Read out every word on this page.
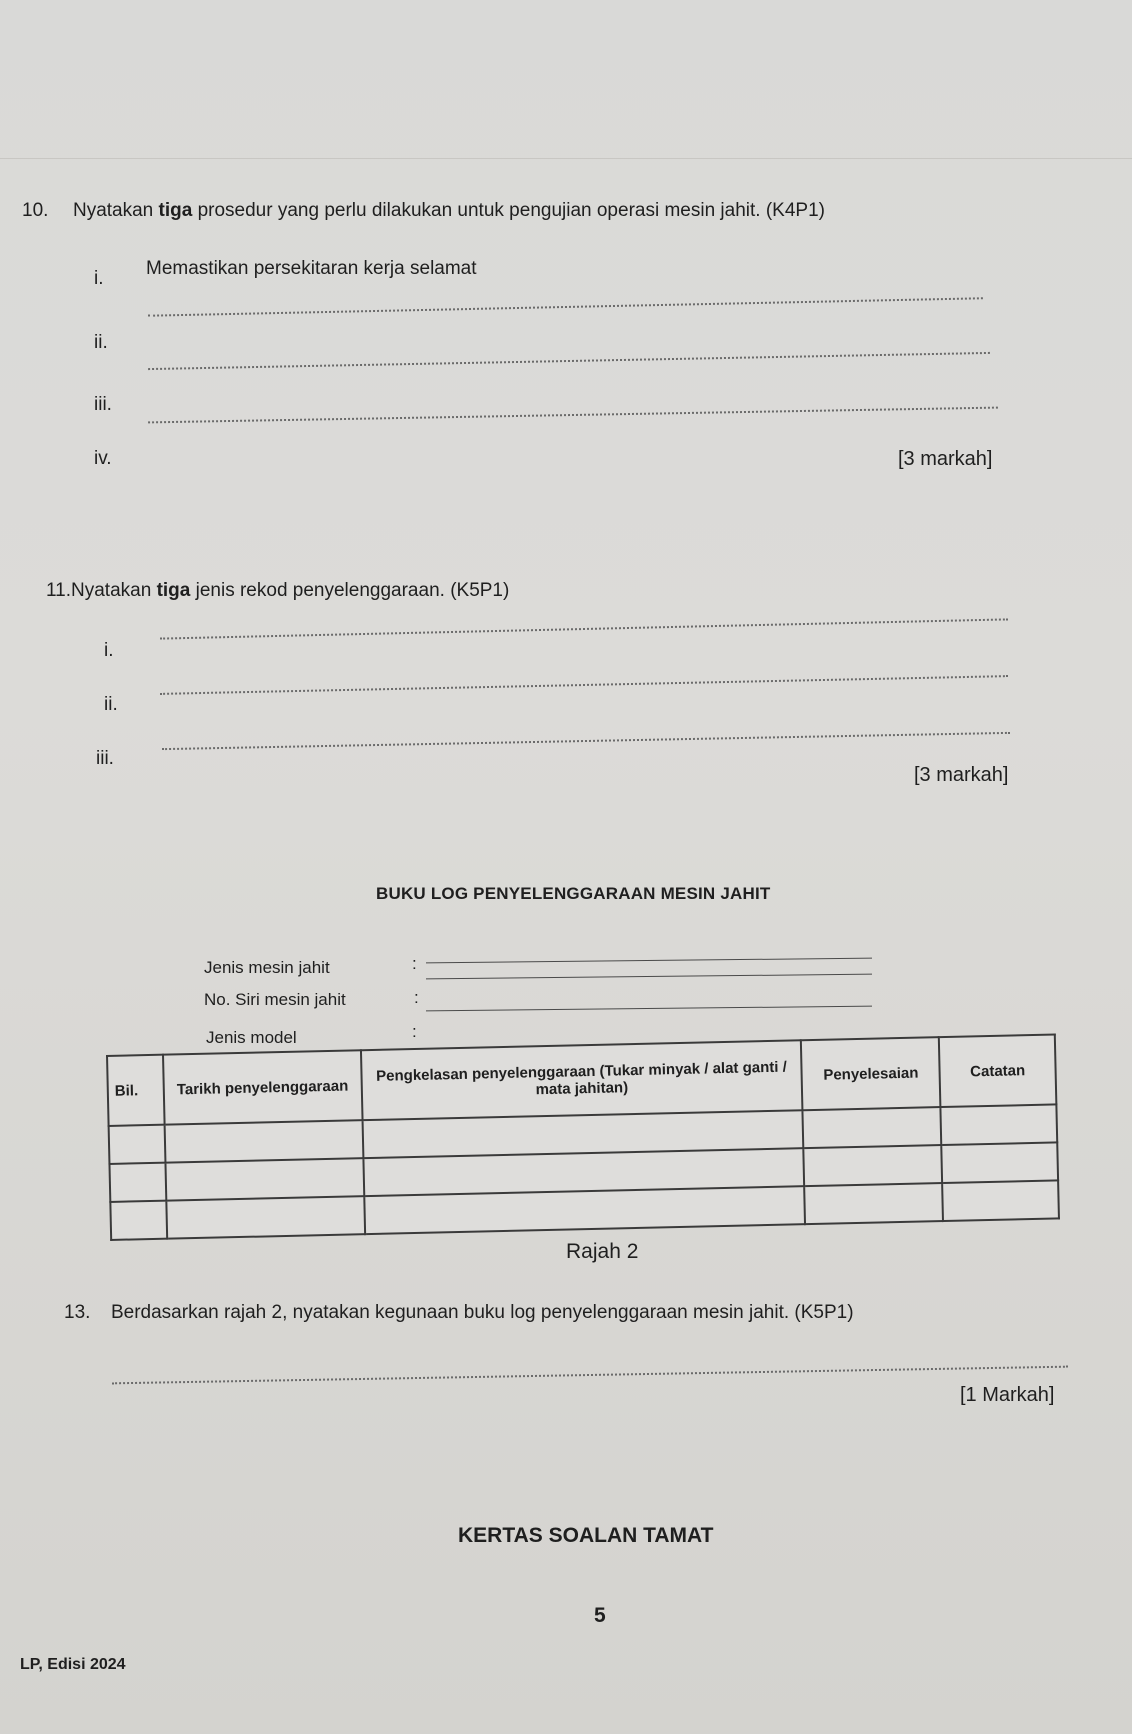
10. Nyatakan tiga prosedur yang perlu dilakukan untuk pengujian operasi mesin jahit. (K4P1)
i. Memastikan persekitaran kerja selamat
ii.
iii.
iv.	[3 markah]
11.Nyatakan tiga jenis rekod penyelenggaraan. (K5P1)
i.
ii.
iii.
[3 markah]
BUKU LOG PENYELENGGARAAN MESIN JAHIT
Jenis mesin jahit	:
No. Siri mesin jahit	:
Jenis model	:
Bil.	Tarikh penyelenggaraan	Pengkelasan penyelenggaraan (Tukar minyak / alat ganti / mata jahitan)	Penyelesaian	Catatan

Rajah 2
13. Berdasarkan rajah 2, nyatakan kegunaan buku log penyelenggaraan mesin jahit. (K5P1)
[1 Markah]
KERTAS SOALAN TAMAT
5
LP, Edisi 2024
